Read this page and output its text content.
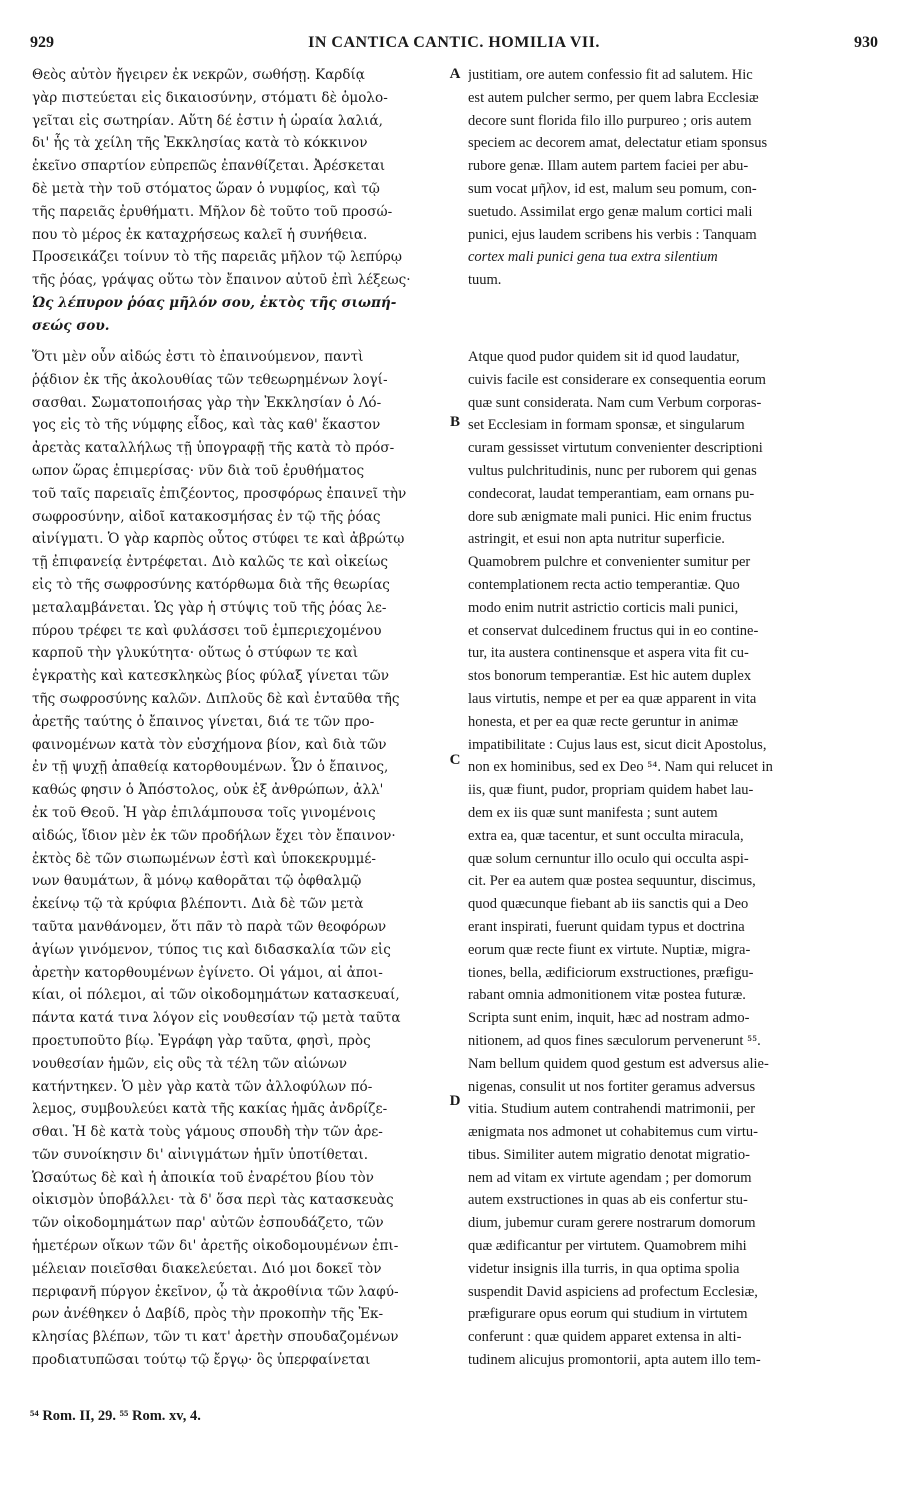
929	IN CANTICA CANTIC. HOMILIA VII.	930
Θεὸς αὐτὸν ἤγειρεν ἐκ νεκρῶν, σωθήσῃ. Καρδίᾳ
γὰρ πιστεύεται εἰς δικαιοσύνην, στόματι δὲ ὁμολο-
γεῖται εἰς σωτηρίαν. Αὕτη δέ ἐστιν ἡ ὡραία λαλιά,
δι' ἧς τὰ χείλη τῆς Ἐκκλησίας κατὰ τὸ κόκκινον
ἐκεῖνο σπαρτίον εὐπρεπῶς ἐπανθίζεται. Ἀρέσκεται
δὲ μετὰ τὴν τοῦ στόματος ὥραν ὁ νυμφίος, καὶ τῷ
τῆς παρειᾶς ἐρυθήματι. Μῆλον δὲ τοῦτο τοῦ προσώ-
που τὸ μέρος ἐκ καταχρήσεως καλεῖ ἡ συνήθεια.
Προσεικάζει τοίνυν τὸ τῆς παρειᾶς μῆλον τῷ λεπύρῳ
τῆς ῥόας, γράψας οὕτω τὸν ἔπαινον αὐτοῦ ἐπὶ λέξεως·
Ὡς λέπυρον ῥόας μῆλόν σου, ἐκτὸς τῆς σιωπή-
σεώς σου.
justitiam, ore autem confessio fit ad salutem. Hic
est autem pulcher sermo, per quem labra Ecclesiæ
decore sunt florida filo illo purpureo ; oris autem
speciem ac decorem amat, delectatur etiam sponsus
rubore genæ. Illam autem partem faciei per abu-
sum vocat μῆλον, id est, malum seu pomum, con-
suetudo. Assimilat ergo genæ malum cortici mali
punici, ejus laudem scribens his verbis : Tanquam
cortex mali punici gena tua extra silentium
tuum.
Ὅτι μὲν οὖν αἰδώς ἐστι τὸ ἐπαινούμενον, παντὶ
ῥᾴδιον ἐκ τῆς ἀκολουθίας τῶν τεθεωρημένων λογί-
σασθαι. Σωματοποιήσας γὰρ τὴν Ἐκκλησίαν ὁ Λό-
γος εἰς τὸ τῆς νύμφης εἶδος, καὶ τὰς καθ' ἕκαστον
ἀρετὰς καταλλήλως τῇ ὑπογραφῇ τῆς κατὰ τὸ πρόσ-
ωπον ὥρας ἐπιμερίσας· νῦν διὰ τοῦ ἐρυθήματος
τοῦ ταῖς παρειαῖς ἐπιζέοντος, προσφόρως ἐπαινεῖ τὴν
σωφροσύνην, αἰδοῖ κατακοσμήσας ἐν τῷ τῆς ῥόας
αἰνίγματι. Ὁ γὰρ καρπὸς οὗτος στύφει τε καὶ ἀβρώτῳ
τῇ ἐπιφανείᾳ ἐντρέφεται. Διὸ καλῶς τε καὶ οἰκείως
εἰς τὸ τῆς σωφροσύνης κατόρθωμα διὰ τῆς θεωρίας
μεταλαμβάνεται. Ὡς γὰρ ἡ στύψις τοῦ τῆς ῥόας λε-
πύρου τρέφει τε καὶ φυλάσσει τοῦ ἐμπεριεχομένου
καρποῦ τὴν γλυκύτητα· οὕτως ὁ στύφων τε καὶ
ἐγκρατὴς καὶ κατεσκληκὼς βίος φύλαξ γίνεται τῶν
τῆς σωφροσύνης καλῶν. Διπλοῦς δὲ καὶ ἐνταῦθα τῆς
ἀρετῆς ταύτης ὁ ἔπαινος γίνεται, διά τε τῶν προ-
φαινομένων κατὰ τὸν εὐσχήμονα βίον, καὶ διὰ τῶν
ἐν τῇ ψυχῇ ἀπαθείᾳ κατορθουμένων. Ὧν ὁ ἔπαινος,
καθώς φησιν ὁ Ἀπόστολος, οὐκ ἐξ ἀνθρώπων, ἀλλ'
ἐκ τοῦ Θεοῦ. Ἡ γὰρ ἐπιλάμπουσα τοῖς γινομένοις
αἰδώς, ἴδιον μὲν ἐκ τῶν προδήλων ἔχει τὸν ἔπαινον·
ἐκτὸς δὲ τῶν σιωπωμένων ἐστὶ καὶ ὑποκεκρυμμέ-
νων θαυμάτων, ἃ μόνῳ καθορᾶται τῷ ὀφθαλμῷ
ἐκείνῳ τῷ τὰ κρύφια βλέποντι. Διὰ δὲ τῶν μετὰ
ταῦτα μανθάνομεν, ὅτι πᾶν τὸ παρὰ τῶν θεοφόρων
ἁγίων γινόμενον, τύπος τις καὶ διδασκαλία τῶν εἰς
ἀρετὴν κατορθουμένων ἐγίνετο. Οἱ γάμοι, αἱ ἀποι-
κίαι, οἱ πόλεμοι, αἱ τῶν οἰκοδομημάτων κατασκευαί,
πάντα κατά τινα λόγον εἰς νουθεσίαν τῷ μετὰ ταῦτα
προετυποῦτο βίῳ. Ἐγράφη γὰρ ταῦτα, φησὶ, πρὸς
νουθεσίαν ἡμῶν, εἰς οὓς τὰ τέλη τῶν αἰώνων
κατήντηκεν. Ὁ μὲν γὰρ κατὰ τῶν ἀλλοφύλων πό-
λεμος, συμβουλεύει κατὰ τῆς κακίας ἡμᾶς ἀνδρίζε-
σθαι. Ἡ δὲ κατὰ τοὺς γάμους σπουδὴ τὴν τῶν ἀρε-
τῶν συνοίκησιν δι' αἰνιγμάτων ἡμῖν ὑποτίθεται.
Ὡσαύτως δὲ καὶ ἡ ἀποικία τοῦ ἐναρέτου βίου τὸν
οἰκισμὸν ὑποβάλλει· τὰ δ' ὅσα περὶ τὰς κατασκευὰς
τῶν οἰκοδομημάτων παρ' αὐτῶν ἐσπουδάζετο, τῶν
ἡμετέρων οἴκων τῶν δι' ἀρετῆς οἰκοδομουμένων ἐπι-
μέλειαν ποιεῖσθαι διακελεύεται. Διό μοι δοκεῖ τὸν
περιφανῆ πύργον ἐκεῖνον, ᾧ τὰ ἀκροθίνια τῶν λαφύ-
ρων ἀνέθηκεν ὁ Δαβίδ, πρὸς τὴν προκοπὴν τῆς Ἐκ-
κλησίας βλέπων, τῶν τι κατ' ἀρετὴν σπουδαζομένων
προδιατυπῶσαι τούτῳ τῷ ἔργῳ· ὃς ὑπερφαίνεται
Atque quod pudor quidem sit id quod laudatur,
cuivis facile est considerare ex consequentia eorum
quæ sunt considerata. Nam cum Verbum corporas-
set Ecclesiam in formam sponsæ, et singularum
curam gessisset virtutum convenienter descriptioni
vultus pulchritudinis, nunc per ruborem qui genas
condecorat, laudat temperantiam, eam ornans pu-
dore sub ænigmate mali punici. Hic enim fructus
astringit, et esui non apta nutritur superficie.
Quamobrem pulchre et convenienter sumitur per
contemplationem recta actio temperantiæ. Quo
modo enim nutrit astrictio corticis mali punici,
et conservat dulcedinem fructus qui in eo contine-
tur, ita austera continensque et aspera vita fit cu-
stos bonorum temperantiæ. Est hic autem duplex
laus virtutis, nempe et per ea quæ apparent in vita
honesta, et per ea quæ recte geruntur in animæ
impatibilitate : Cujus laus est, sicut dicit Apostolus,
non ex hominibus, sed ex Deo ⁵⁴. Nam qui relucet in
iis, quæ fiunt, pudor, propriam quidem habet lau-
dem ex iis quæ sunt manifesta ; sunt autem
extra ea, quæ tacentur, et sunt occulta miracula,
quæ solum cernuntur illo oculo qui occulta aspi-
cit. Per ea autem quæ postea sequuntur, discimus,
quod quæcunque fiebant ab iis sanctis qui a Deo
erant inspirati, fuerunt quidam typus et doctrina
eorum quæ recte fiunt ex virtute. Nuptiæ, migra-
tiones, bella, ædificiorum exstructiones, præfigu-
rabant omnia admonitionem vitæ postea futuræ.
Scripta sunt enim, inquit, hæc ad nostram admo-
nitionem, ad quos fines sæculorum pervenerunt ⁵⁵.
Nam bellum quidem quod gestum est adversus alie-
nigenas, consulit ut nos fortiter geramus adversus
vitia. Studium autem contrahendi matrimonii, per
ænigmata nos admonet ut cohabitemus cum virtu-
tibus. Similiter autem migratio denotat migratio-
nem ad vitam ex virtute agendam ; per domorum
autem exstructiones in quas ab eis confertur stu-
dium, jubemur curam gerere nostrarum domorum
quæ ædificantur per virtutem. Quamobrem mihi
videtur insignis illa turris, in qua optima spolia
suspendit David aspiciens ad profectum Ecclesiæ,
præfigurare opus eorum qui studium in virtutem
conferunt : quæ quidem apparet extensa in alti-
tudinem alicujus promontorii, apta autem illo tem-
A
B
C
D
⁵⁴ Rom. II, 29. ⁵⁵ Rom. xv, 4.
